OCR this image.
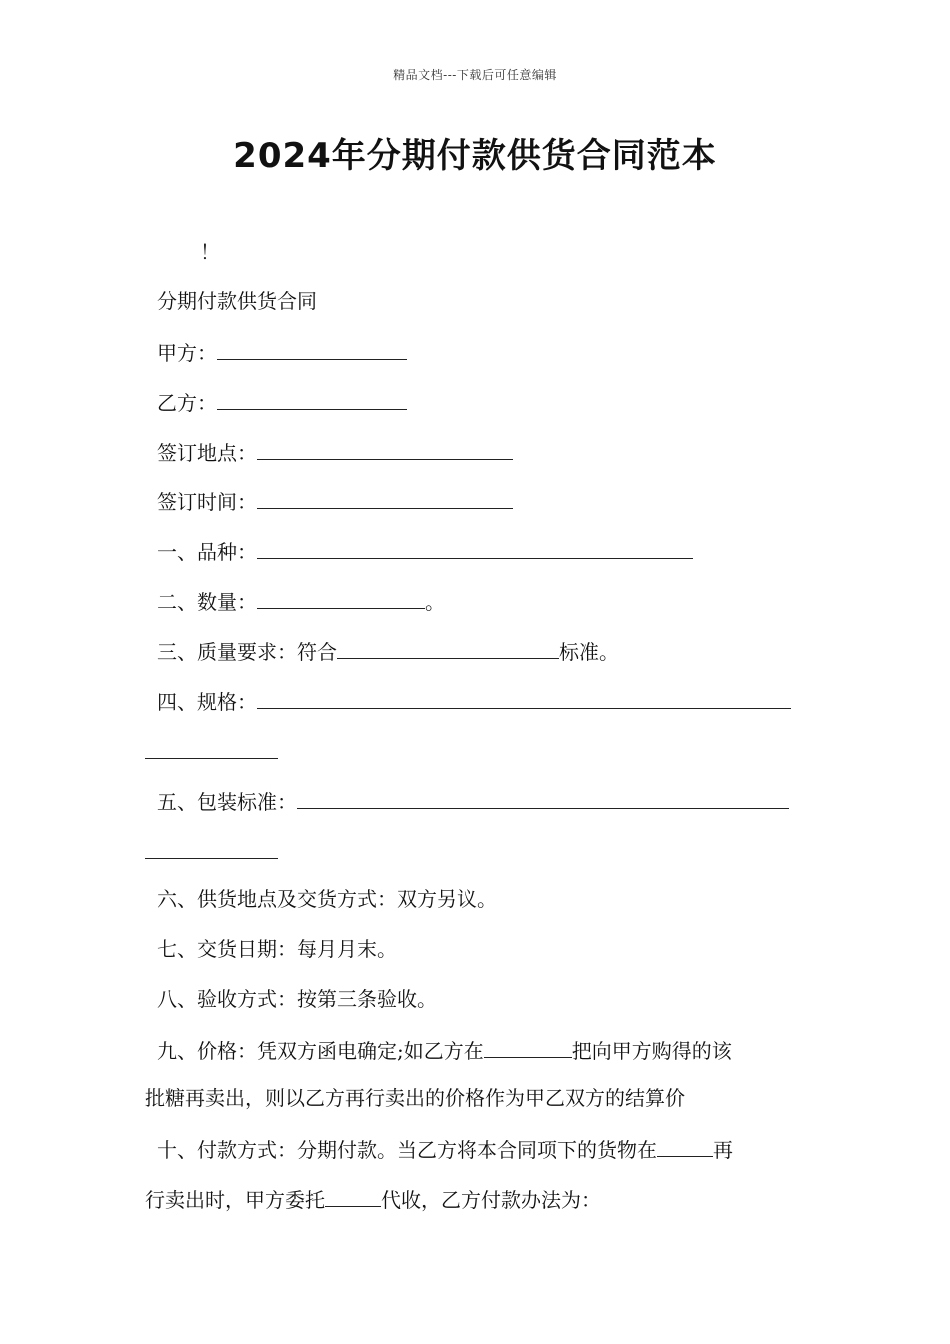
精品文档---下载后可任意编辑
2024年分期付款供货合同范本
！
分期付款供货合同
甲方：
乙方：
签订地点：
签订时间：
一、品种：
二、数量：	。
三、质量要求：符合	标准。
四、规格：
五、包装标准：
六、供货地点及交货方式：双方另议。
七、交货日期：每月月末。
八、验收方式：按第三条验收。
九、价格：凭双方函电确定;如乙方在	把向甲方购得的该
批糖再卖出，则以乙方再行卖出的价格作为甲乙双方的结算价
十、付款方式：分期付款。当乙方将本合同项下的货物在	再
行卖出时，甲方委托	代收，乙方付款办法为：
